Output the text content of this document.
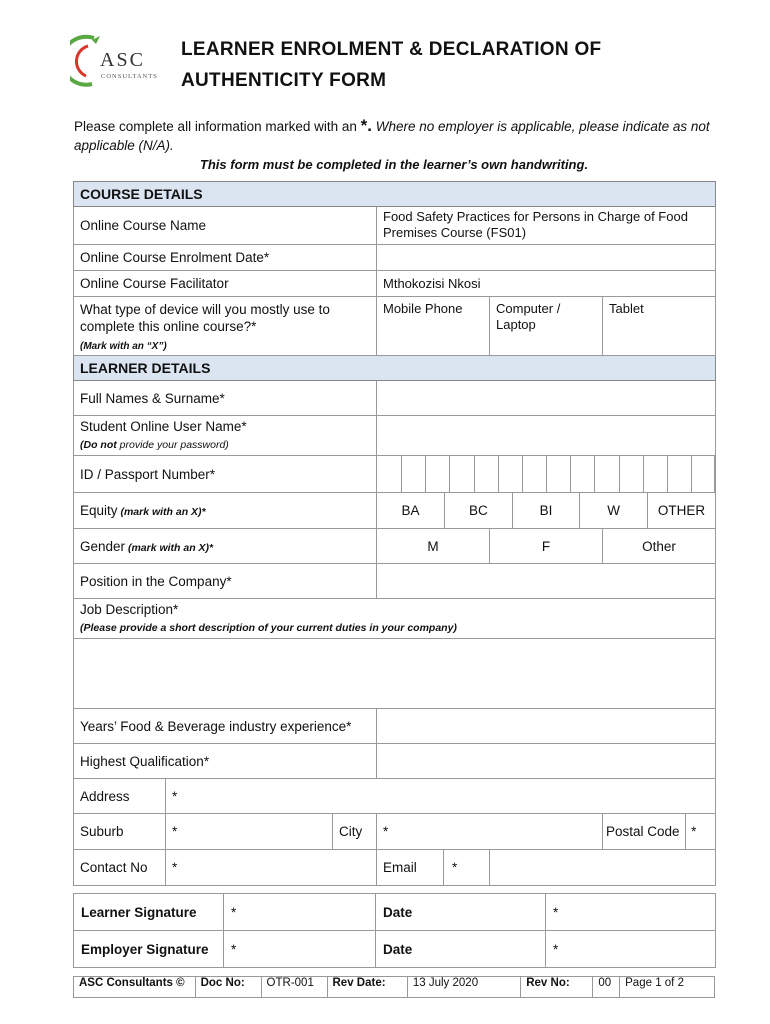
ASC
CONSULTANTS
LEARNER ENROLMENT & DECLARATION OF
AUTHENTICITY FORM
Please complete all information marked with an *. Where no employer is applicable, please indicate as not applicable (N/A).
This form must be completed in the learner’s own handwriting.
COURSE DETAILS
Online Course Name	Food Safety Practices for Persons in Charge of Food Premises Course (FS01)
Online Course Enrolment Date*	
Online Course Facilitator	Mthokozisi Nkosi
What type of device will you mostly use to complete this online course?*
(Mark with an “X”)
	Mobile Phone	Computer / Laptop	Tablet
LEARNER DETAILS
Full Names & Surname*	
Student Online User Name*
(Do not provide your password)	
ID / Passport Number*	

Equity (mark with an X)*		BA	BC	BI	W	OTHER

Gender (mark with an X)*	M	F	Other
Position in the Company*	
Job Description*
(Please provide a short description of your current duties in your company)

Years’ Food & Beverage industry experience*	
Highest Qualification*	
Address	*
Suburb	*	City	*	Postal Code *

Contact No	*	Email	*

Learner Signature	*	Date	*
Employer Signature	*	Date	*
ASC Consultants ©	Doc No:	OTR-001	Rev Date:	13 July 2020	Rev No:	00	Page 1 of 2
